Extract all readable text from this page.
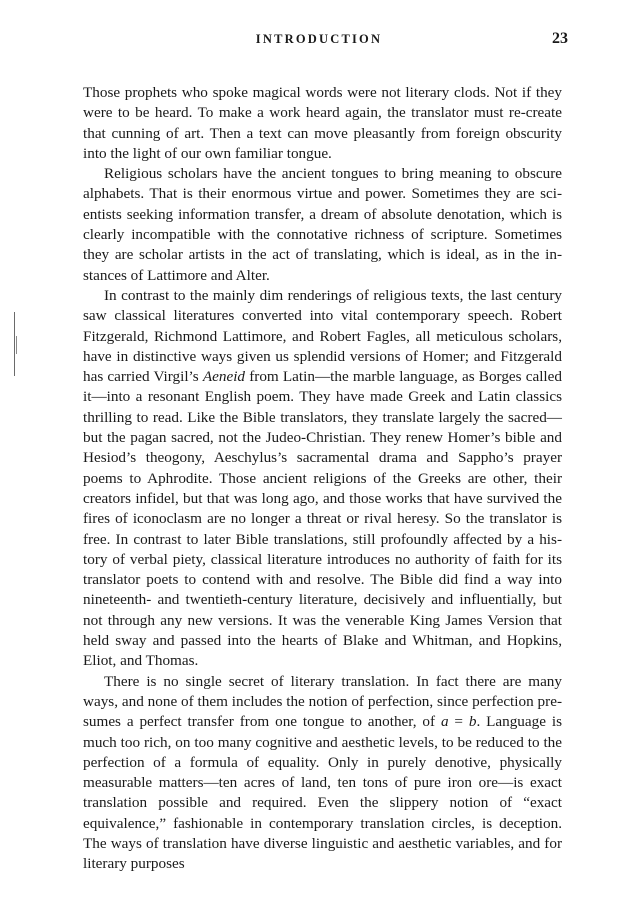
INTRODUCTION	23

Those prophets who spoke magical words were not literary clods. Not if they were to be heard. To make a work heard again, the translator must re-create that cunning of art. Then a text can move pleasantly from foreign obscurity into the light of our own familiar tongue.

Religious scholars have the ancient tongues to bring meaning to obscure alphabets. That is their enormous virtue and power. Sometimes they are scientists seeking information transfer, a dream of absolute denotation, which is clearly incompatible with the connotative richness of scripture. Sometimes they are scholar artists in the act of translating, which is ideal, as in the instances of Lattimore and Alter.

In contrast to the mainly dim renderings of religious texts, the last century saw classical literatures converted into vital contemporary speech. Robert Fitzgerald, Richmond Lattimore, and Robert Fagles, all meticulous scholars, have in distinctive ways given us splendid versions of Homer; and Fitzgerald has carried Virgil’s Aeneid from Latin—the marble language, as Borges called it—into a resonant English poem. They have made Greek and Latin classics thrilling to read. Like the Bible translators, they translate largely the sacred— but the pagan sacred, not the Judeo-Christian. They renew Homer’s bible and Hesiod’s theogony, Aeschylus’s sacramental drama and Sappho’s prayer poems to Aphrodite. Those ancient religions of the Greeks are other, their creators infidel, but that was long ago, and those works that have survived the fires of iconoclasm are no longer a threat or rival heresy. So the translator is free. In contrast to later Bible translations, still profoundly affected by a history of verbal piety, classical literature introduces no authority of faith for its translator poets to contend with and resolve. The Bible did find a way into nineteenth- and twentieth-century literature, decisively and influentially, but not through any new versions. It was the venerable King James Version that held sway and passed into the hearts of Blake and Whitman, and Hopkins, Eliot, and Thomas.

There is no single secret of literary translation. In fact there are many ways, and none of them includes the notion of perfection, since perfection presumes a perfect transfer from one tongue to another, of a = b. Language is much too rich, on too many cognitive and aesthetic levels, to be reduced to the perfection of a formula of equality. Only in purely denotive, physically measurable matters—ten acres of land, ten tons of pure iron ore—is exact translation possible and required. Even the slippery notion of “exact equivalence,” fashionable in contemporary translation circles, is deception. The ways of translation have diverse linguistic and aesthetic variables, and for literary purposes
